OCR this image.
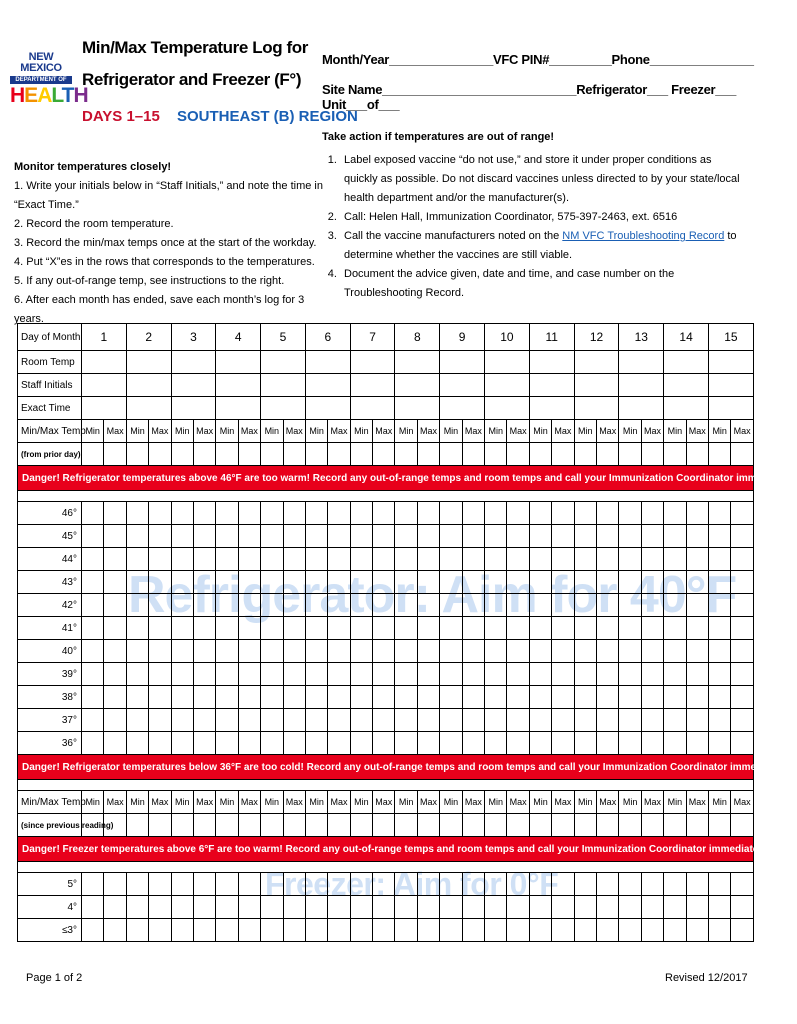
NEW MEXICO
DEPARTMENT OF
HEALTH
Min/Max Temperature Log for
Refrigerator and Freezer (F°)
DAYS 1–15 SOUTHEAST (B) REGION
Month/Year_______________VFC PIN#_________Phone_______________
Site Name____________________________Refrigerator___ Freezer___ Unit___of___
Monitor temperatures closely!
1. Write your initials below in “Staff Initials,” and note the time in “Exact Time.”
2. Record the room temperature.
3. Record the min/max temps once at the start of the workday.
4. Put “X”es in the rows that corresponds to the temperatures.
5. If any out-of-range temp, see instructions to the right.
6. After each month has ended, save each month’s log for 3 years.
Take action if temperatures are out of range!
1. Label exposed vaccine “do not use,” and store it under proper conditions as quickly as possible. Do not discard vaccines unless directed to by your state/local health department and/or the manufacturer(s).
2. Call: Helen Hall, Immunization Coordinator, 575-397-2463, ext. 6516
3. Call the vaccine manufacturers noted on the NM VFC Troubleshooting Record to determine whether the vaccines are still viable.
4. Document the advice given, date and time, and case number on the Troubleshooting Record.
Refrigerator: Aim for 40°F
Freezer: Aim for 0°F
Day of Month	1		2		3		4		5		6		7		8		9		10		11		12		13		14		15	
Room Temp																														
Staff Initials																														
Exact Time																														
Min/Max Temp	Min	Max	Min	Max	Min	Max	Min	Max	Min	Max	Min	Max	Min	Max	Min	Max	Min	Max	Min	Max	Min	Max	Min	Max	Min	Max	Min	Max	Min	Max
(from prior day)																														
Danger! Refrigerator temperatures above 46°F are too warm! Record any out-of-range temps and room temps and call your Immunization Coordinator immediately!																														

46°																														
45°																														
44°																														
43°																														
42°																														
41°																														
40°																														
39°																														
38°																														
37°																														
36°																														
Danger! Refrigerator temperatures below 36°F are too cold! Record any out-of-range temps and room temps and call your Immunization Coordinator immediately!																														

Min/Max Temp	Min	Max	Min	Max	Min	Max	Min	Max	Min	Max	Min	Max	Min	Max	Min	Max	Min	Max	Min	Max	Min	Max	Min	Max	Min	Max	Min	Max	Min	Max
(since previous reading)																														
Danger! Freezer temperatures above 6°F are too warm! Record any out-of-range temps and room temps and call your Immunization Coordinator immediately!																														

5°																														
4°																														
≤3°																														
Page 1 of 2	Revised 12/2017
